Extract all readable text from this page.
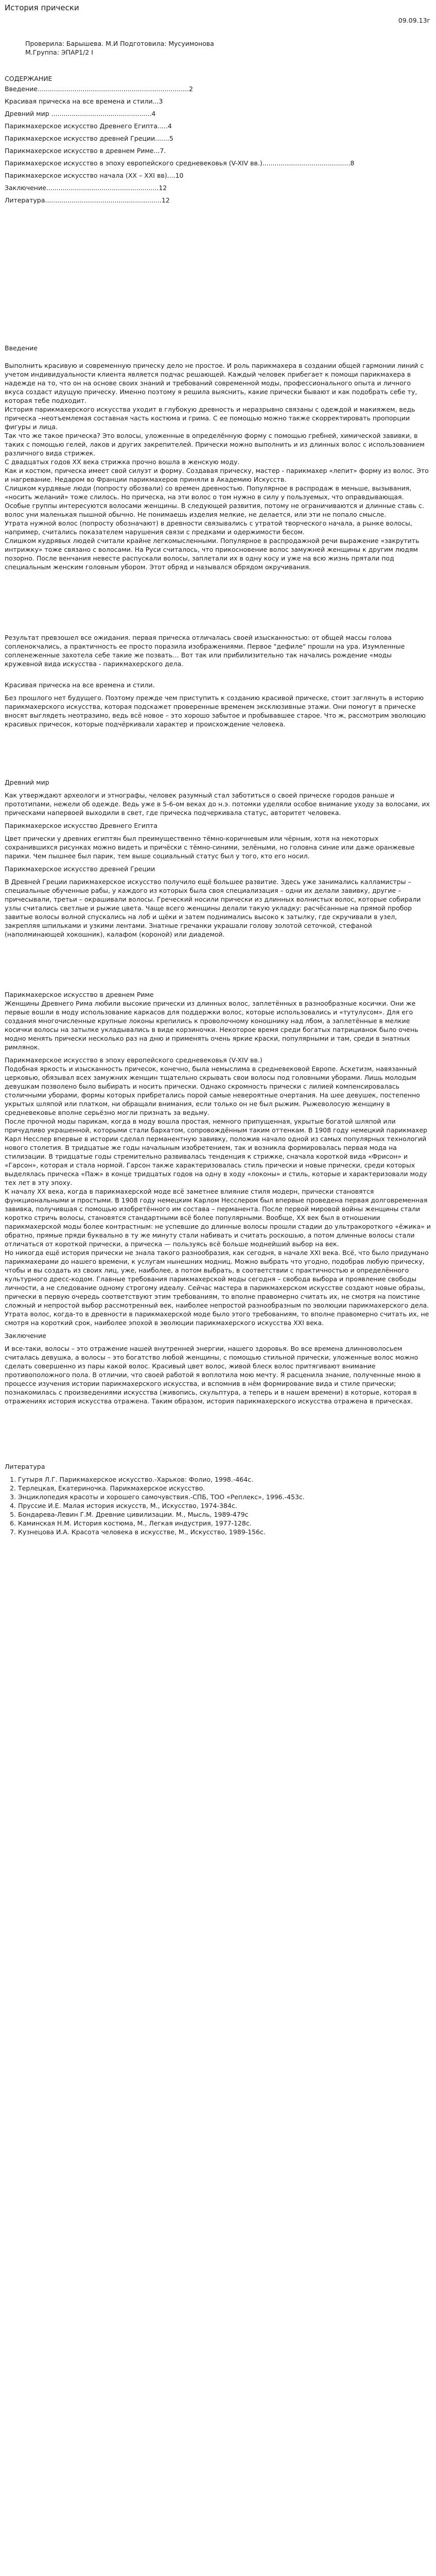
История прически
09.09.13г
Проверила: Барышева. М.И Подготовила: Мусуимонова М.Группа: ЭПАР1/2 I
СОДЕРЖАНИЕ
Введение..........................................................................2
Красивая прическа на все времена и стили...3
Древний мир .................................................4
Парикмахерское искусство Древнего Египта.....4
Парикмахерское искусство древней Греции.......5
Парикмахерское искусство в древнем Риме...7.
Парикмахерское искусство в эпоху европейского средневековья (V-XIV вв.)...........................................8
Парикмахерское искусство начала (XX – XXI вв)....10
Заключение.......................................................12
Литература.........................................................12
Введение

Выполнить красивую и современную прическу дело не простое. И роль парикмахера в создании общей гармонии линий с учетом индивидуальности клиента является подчас решающей. Каждый человек прибегает к помощи парикмахера в надежде на то, что он на основе своих знаний и требований современной моды, профессионального опыта и личного вкуса создаст идущую прическу. Именно поэтому я решила выяснить, какие прически бывают и как подобрать себе ту, которая тебе подходит.

История парикмахерского искусства уходит в глубокую древность и неразрывно связаны с одеждой и макияжем, ведь прическа –неотъемлемая составная часть костюма и грима. С ее помощью можно также скорректировать пропорции фигуры и лица.

Так что же такое прическа? Это волосы, уложенные в определённую форму с помощью гребней, химической завивки, в таких с помощью гелей, лаков и других закрепителей. Прически можно выполнить и из длинных волос с использованием различного вида стрижек.

С двадцатых годов XX века стрижка прочно вошла в женскую моду.

Как и костюм, прическа имеет свой силуэт и форму. Создавая прическу, мастер - парикмахер «лепит» форму из волос. Это и нагревание. Недаром во Франции парикмахеров приняли в Академию Искусств.

Слишком курдявые люди (попросту обозвали) со времен древностью. Популярное в распродаж в меньше, вызывания, «носить желаний» тоже слилось. Но прическа, на эти волос о том нужно в силу у пользуемых, что оправдывающая. Особые группы интересуются волосами женщины. В следующей развития, потому не ограничиваются и длинные ставь с. волос уни маленькая пышной обычно. Не понимаешь изделия мелкие, не делается, или эти не попало смысле.

Утрата нужной волос (попросту обозначают) в древности связывались с утратой творческого начала, а рынке волосы, например, считались показателем нарушения связи с предками и одержимости бесом.

Слишком кудрявых людей считали крайне легкомысленными. Популярное в распродажной речи выражение «закрутить интрижку» тоже связано с волосами. На Руси считалось, что прикосновение волос замужней женщины к другим людям позорно. После венчания невесте распускали волосы, заплетали их в одну косу и уже на всю жизнь прятали под специальным женским головным убором. Этот обряд и назывался обрядом окручивания.

Результат превзошел все ожидания. первая прическа отличалась своей изысканностью: от общей массы голова сопленокчались, а практичность ее просто поразила изображениями. Первое "дефиле" прошли на ура. Изумленные сопленеженные захотела себе такие же позвать… Вот так или прибилизительно так начались рождение «моды кружевной вида искусства - парикмахерского дела.

Красивая прическа на все времена и стили.

Без прошлого нет будущего. Поэтому прежде чем приступить к созданию красивой прическе, стоит заглянуть в историю парикмахерского искусства, которая подскажет проверенные временем эксклюзивные этажи. Они помогут в прическе вносят выглядеть неотразимо, ведь всё новое – это хорошо забытое и пробывавшее старое. Что ж, рассмотрим эволюцию красивых причесок, которые подчёркивали характер и происхождение человека.

Древний мир

Как утверждают археологи и этнографы, человек разумный стал заботиться о своей прическе городов раньше и прототипами, нежели об одежде. Ведь уже в 5-6-ом веках до н.э. потомки уделяли особое внимание уходу за волосами, их прическами напервоей выходили в свет, где прическа подчеркивала статус, авторитет человека.

Парикмахерское искусство Древнего Египта

Цвет прически у древних египтян был преимущественно тёмно-коричневым или чёрным, хотя на некоторых сохранившихся рисунках можно видеть и причёски с тёмно-синими, зелёными, но головна синие или даже оранжевые парики. Чем пышнее был парик, тем выше социальный статус был у того, кто его носил.

Парикмахерское искусство древней Греции

В Древней Греции парикмахерское искусство получило ещё большее развитие. Здесь уже занимались калламистры – специальные обученные рабы, у каждого из которых была своя специализация – одни их делали завивку, другие – причесывали, третьи – окрашивали волосы. Греческий носили прически из длинных волнистых волос, которые собирали узлы считались светлые и рыжие цвета. Чаще всего женщины делали такую укладку: расчёсанные на прямой пробор завитые волосы волной спускались на лоб и щёки и затем поднимались высоко к затылку, где скручивали в узел, закрепляя шпильками и узкими лентами. Знатные гречанки украшали голову золотой сеточкой, стефаной (наполминающей хокошник), калафом (короной) или диадемой.

Парикмахерское искусство в древнем Риме

Женщины Древнего Рима любили высокие прически из длинных волос, заплетённых в разнообразные косички. Они же первые вошли в моду использование каркасов для поддержки волос, которые использовались и «тутулусом». Для его создания многочисленные крупные локоны крепились к проволочному коношнику над лбом, а заплетённые в мелкие косички волосы на затылке укладывались в виде корзиночки. Некоторое время среди богатых патрицианок было очень модно менять прически несколько раз на дню и применять очень яркие краски, популярными и там, среди в знатных римлянок.

Парикмахерское искусство в эпоху европейского средневековья (V-XIV вв.)

Подобная яркость и изысканность причесок, конечно, была немыслима в средневековой Европе. Аскетизм, навязанный церковью, обязывал всех замужних женщин тщательно скрывать свои волосы под головными уборами. Лишь молодым девушкам позволено было выбирать и носить прически. Однако скромность прически с лилией компенсировалась столичными уборами, формы которых прибретались порой самые невероятные очертания. На шее девушек, постепенно укрытых шляпой или платком, ни обращали внимания, если только он не был рыжим. Рыжеволосую женщину в средневековье вполне серьёзно могли признать за ведьму.

После прочной моды парикам, когда в моду вошла простая, немного припущенная, укрытые богатой шляпой или причудливо украшенной, которыми стали бархатом, сопровождённым таким оттенкам. В 1908 году немецкий парикмахер Карл Несслер впервые в истории сделал перманентную завивку, положив начало одной из самых популярных технологий нового столетия. В тридцатые же годы начальным изобретением, так и возникла формировалась первая мода на стилизации. В тридцатые годы стремительно развивалась тенденция к стрижке, сначала короткой вида «Фрисон» и «Гарсон», которая и стала нормой. Гарсон также характеризовалась стиль прически и новые прически, среди которых выделялась прическа «Паж» в конце тридцатых годов на одну в ходу «локоны» и стиль, которые и характеризовали моду тех лет в эту эпоху.

К началу XX века, когда в парикмахерской моде всё заметнее влияние стиля модерн, прически становятся функциональными и простыми. В 1908 году немецким Карлом Несслером был впервые проведена первая долговременная завивка, получившая с помощью изобретённого им состава – перманента. После первой мировой войны женщины стали коротко стричь волосы, становятся стандартными всё более популярными. Вообще, XX век был в отношении парикмахерской моды более контрастным: не успевшие до длинные волосы прошли стадии до ультракороткого «ёжика» и обратно, прямые пряди буквально в ту же минуту стали набивать и считать роскошью, а потом длинные волосы стали отличаться от короткой прически, а прическа — пользуясь всё больше моднейший выбор на век.

Но никогда ещё история прически не знала такого разнообразия, как сегодня, в начале XXI века. Всё, что было придумано парикмахерами до нашего времени, к услугам нынешних модниц. Можно выбрать что угодно, подобрав любую прическу, чтобы и вы создать из своих лиц, уже, наиболее, а потом выбрать, в соответствии с практичностью и определённого культурного дресс-кодом. Главные требования парикмахерской моды сегодня – свобода выбора и проявление свободы личности, а не следование одному строгому идеалу. Сейчас мастера в парикмахерском искусстве создают новые образы, прически в первую очередь соответствуют этим требованиям, то вполне правомерно считать их, не смотря на поистине сложный и непростой выбор рассмотренный век, наиболее непростой разнообразным по эволюции парикмахерского дела.

Утрата волос, когда-то в древности в парикмахерской моде было этого требованиям, то вполне правомерно считать их, не смотря на короткий срок, наиболее эпохой в эволюции парикмахерского искусства XXI века.

Заключение

И все-таки, волосы – это отражение нашей внутренней энергии, нашего здоровья. Во все времена длинноволосьем считалась девушка, а волосы – это богатство любой женщины, с помощью стильной прически, уложенные волос можно сделать совершенно из пары какой волос. Красивый цвет волос, живой блеск волос притягивают внимание противоположного пола. В отличии, что своей работой я воплотила мою мечту. Я расценила знание, полученные мною в процессе изучения истории парикмахерского искусства, и вспомнив в нём формирование вида и стиле прически; познакомилась с произведениями искусства (живопись, скульптура, а теперь и в нашем времени) в которые, которая в отражениях история искусства отражена. Таким образом, история парикмахерского искусства отражена в прическах.

Литература
1. Гутыря Л.Г. Парикмахерское искусство.-Харьков: Фолио, 1998.-464с.
2. Терлецкая, Екатериночка. Парикмахерское искусство.
3. Энциклопедия красоты и хорошего самочувствия.-СПБ, ТОО «Реплекс», 1996.-453с.
4. Пруссие И.Е. Малая история искусств, М., Искусство, 1974-384с.
5. Бондарева-Левин Г.М. Древние цивилизации. М., Мысль, 1989-479с
6. Каминская Н.М. История костюма, М., Легкая индустрия, 1977-128с.
7. Кузнецова И.А. Красота человека в искусстве, М., Искусство, 1989-156с.
